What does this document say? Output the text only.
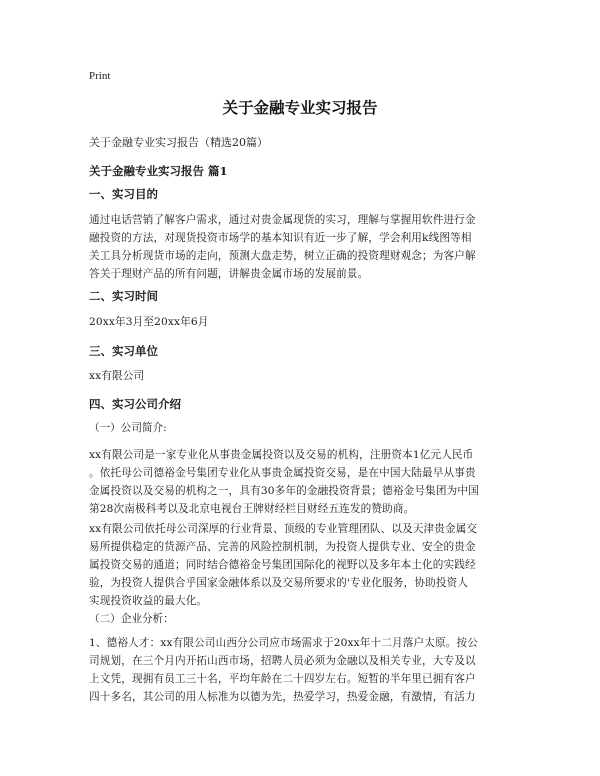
Print
关于金融专业实习报告
关于金融专业实习报告（精选20篇）
关于金融专业实习报告 篇1
一、实习目的
通过电话营销了解客户需求，通过对贵金属现货的实习，理解与掌握用软件进行金
融投资的方法，对现货投资市场学的基本知识有近一步了解，学会利用k线图等相
关工具分析现货市场的走向，预测大盘走势，树立正确的投资理财观念；为客户解
答关于理财产品的所有问题，讲解贵金属市场的发展前景。
二、实习时间
20xx年3月至20xx年6月
三、实习单位
xx有限公司
四、实习公司介绍
（一）公司简介:
xx有限公司是一家专业化从事贵金属投资以及交易的机构，注册资本1亿元人民币
。依托母公司德裕金号集团专业化从事贵金属投资交易，是在中国大陆最早从事贵
金属投资以及交易的机构之一，具有30多年的金融投资背景；德裕金号集团为中国
第28次南极科考以及北京电视台王牌财经栏目财经五连发的赞助商。
xx有限公司依托母公司深厚的行业背景、顶级的专业管理团队、以及天津贵金属交
易所提供稳定的货源产品、完善的风险控制机制，为投资人提供专业、安全的贵金
属投资交易的通道；同时结合德裕金号集团国际化的视野以及多年本土化的实践经
验，为投资人提供合乎国家金融体系以及交易所要求的'专业化服务，协助投资人
实现投资收益的最大化。
（二）企业分析：
1、德裕人才：xx有限公司山西分公司应市场需求于20xx年十二月落户太原。按公
司规划，在三个月内开拓山西市场，招聘人员必须为金融以及相关专业，大专及以
上文凭，现拥有员工三十名，平均年龄在二十四岁左右。短暂的半年里已拥有客户
四十多名，其公司的用人标准为以德为先，热爱学习，热爱金融，有激情，有活力
